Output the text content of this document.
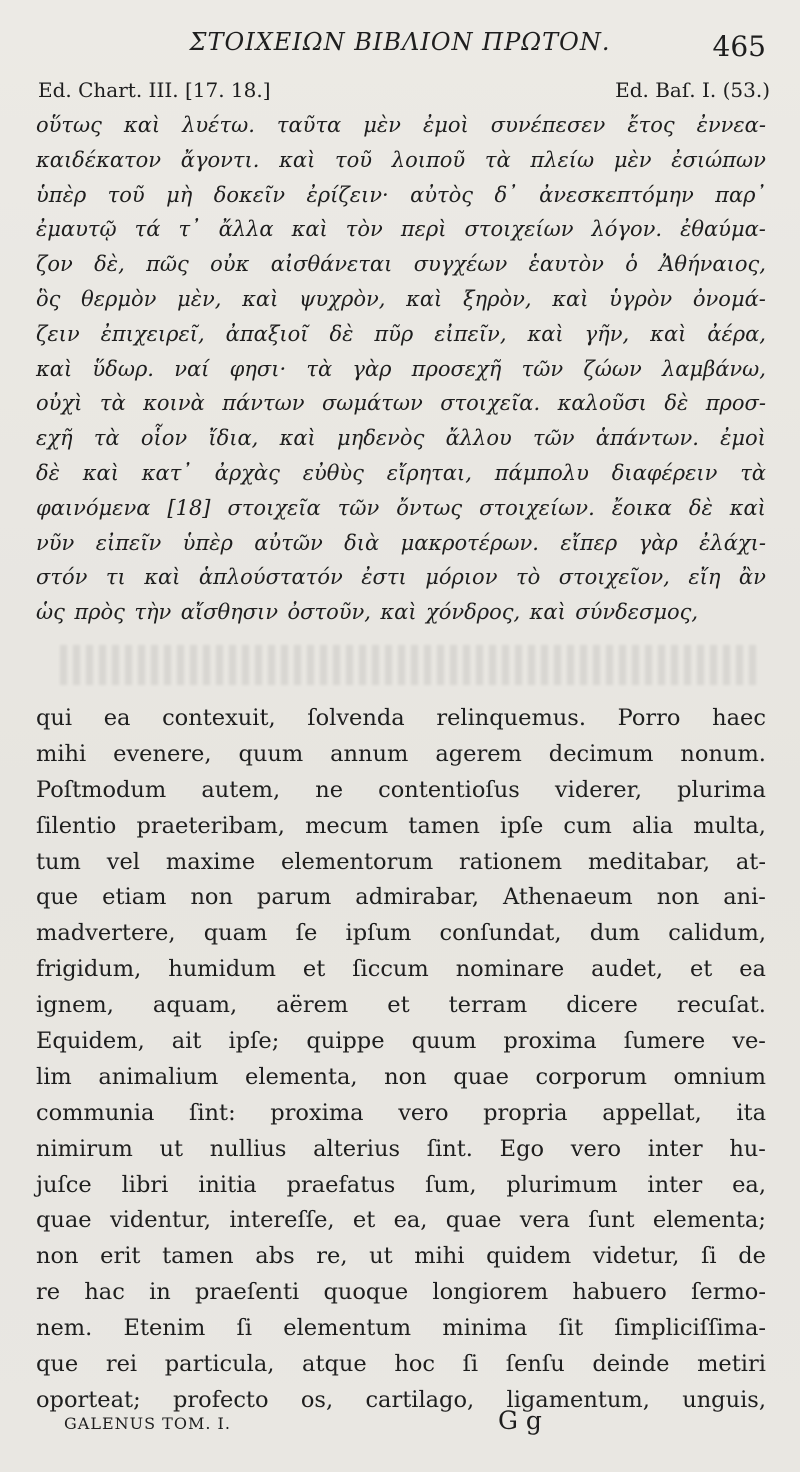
ΣΤΟΙΧΕΙΩΝ ΒΙΒΛΙΟΝ ΠΡΩΤΟΝ.	465
Ed. Chart. III. [17. 18.]	Ed. Baſ. I. (53.)
οὕτως καὶ λυέτω. ταῦτα μὲν ἐμοὶ συνέπεσεν ἔτος ἐννεα-
καιδέκατον ἄγοντι. καὶ τοῦ λοιποῦ τὰ πλείω μὲν ἐσιώπων
ὑπὲρ τοῦ μὴ δοκεῖν ἐρίζειν· αὐτὸς δ᾽ ἀνεσκεπτόμην παρ᾽
ἐμαυτῷ τά τ᾽ ἄλλα καὶ τὸν περὶ στοιχείων λόγον. ἐθαύμα-
ζον δὲ, πῶς οὐκ αἰσθάνεται συγχέων ἑαυτὸν ὁ Ἀθήναιος,
ὃς θερμὸν μὲν, καὶ ψυχρὸν, καὶ ξηρὸν, καὶ ὑγρὸν ὀνομά-
ζειν ἐπιχειρεῖ, ἀπαξιοῖ δὲ πῦρ εἰπεῖν, καὶ γῆν, καὶ ἀέρα,
καὶ ὕδωρ. ναί φησι· τὰ γὰρ προσεχῆ τῶν ζώων λαμβάνω,
οὐχὶ τὰ κοινὰ πάντων σωμάτων στοιχεῖα. καλοῦσι δὲ προσ-
εχῆ τὰ οἷον ἴδια, καὶ μηδενὸς ἄλλου τῶν ἁπάντων. ἐμοὶ
δὲ καὶ κατ᾽ ἀρχὰς εὐθὺς εἴρηται, πάμπολυ διαφέρειν τὰ
φαινόμενα [18] στοιχεῖα τῶν ὄντως στοιχείων. ἔοικα δὲ καὶ
νῦν εἰπεῖν ὑπὲρ αὐτῶν διὰ μακροτέρων. εἴπερ γὰρ ἐλάχι-
στόν τι καὶ ἁπλούστατόν ἐστι μόριον τὸ στοιχεῖον, εἴη ἂν
ὡς πρὸς τὴν αἴσθησιν ὀστοῦν, καὶ χόνδρος, καὶ σύνδεσμος,
qui ea contexuit, ſolvenda relinquemus. Porro haec
mihi evenere, quum annum agerem decimum nonum.
Poſtmodum autem, ne contentioſus viderer, plurima
ſilentio praeteribam, mecum tamen ipſe cum alia multa,
tum vel maxime elementorum rationem meditabar, at-
que etiam non parum admirabar, Athenaeum non ani-
madvertere, quam ſe ipſum conſundat, dum calidum,
frigidum, humidum et ſiccum nominare audet, et ea
ignem, aquam, aërem et terram dicere recuſat.
Equidem, ait ipſe; quippe quum proxima ſumere ve-
lim animalium elementa, non quae corporum omnium
communia ſint: proxima vero propria appellat, ita
nimirum ut nullius alterius ſint. Ego vero inter hu-
juſce libri initia praefatus ſum, plurimum inter ea,
quae videntur, intereſſe, et ea, quae vera ſunt elementa;
non erit tamen abs re, ut mihi quidem videtur, ſi de
re hac in praeſenti quoque longiorem habuero ſermo-
nem. Etenim ſi elementum minima ſit ſimpliciſſima-
que rei particula, atque hoc ſi ſenſu deinde metiri
oporteat; profecto os, cartilago, ligamentum, unguis,
GALENUS TOM. I.	G g
